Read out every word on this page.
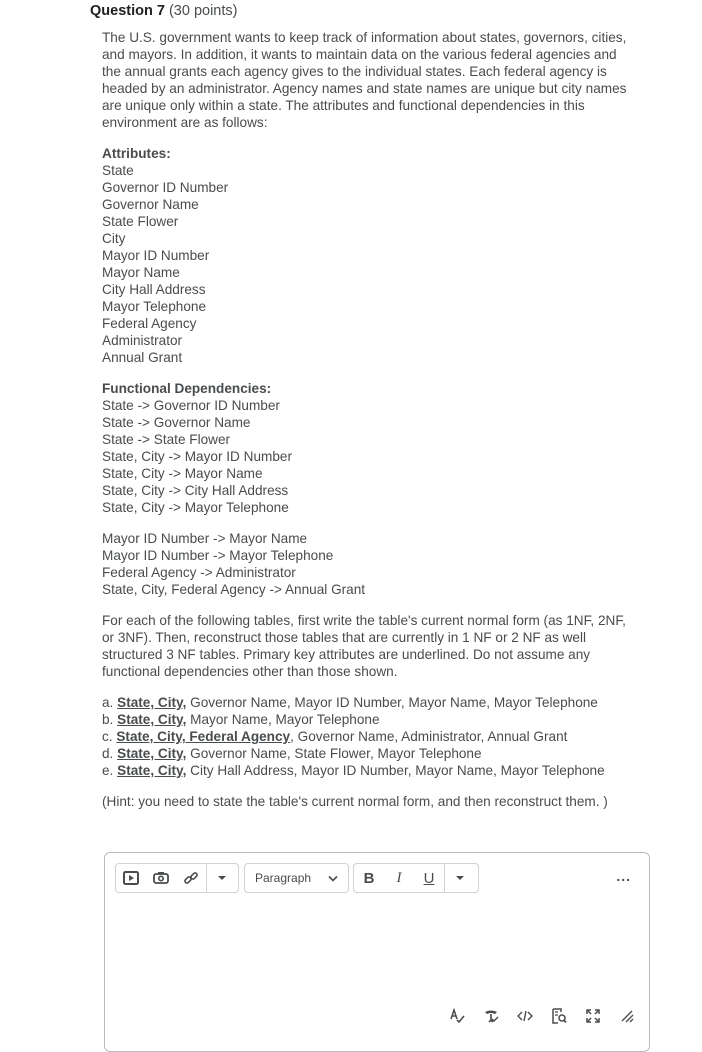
Question 7 (30 points)

The U.S. government wants to keep track of information about states, governors, cities, and mayors. In addition, it wants to maintain data on the various federal agencies and the annual grants each agency gives to the individual states. Each federal agency is headed by an administrator. Agency names and state names are unique but city names are unique only within a state. The attributes and functional dependencies in this environment are as follows:

Attributes:
State
Governor ID Number
Governor Name
State Flower
City
Mayor ID Number
Mayor Name
City Hall Address
Mayor Telephone
Federal Agency
Administrator
Annual Grant
Functional Dependencies:
State -> Governor ID Number
State -> Governor Name
State -> State Flower
State, City -> Mayor ID Number
State, City -> Mayor Name
State, City -> City Hall Address
State, City -> Mayor Telephone
Mayor ID Number -> Mayor Name
Mayor ID Number -> Mayor Telephone
Federal Agency -> Administrator
State, City, Federal Agency -> Annual Grant

For each of the following tables, first write the table's current normal form (as 1NF, 2NF, or 3NF). Then, reconstruct those tables that are currently in 1 NF or 2 NF as well structured 3 NF tables. Primary key attributes are underlined. Do not assume any

functional dependencies other than those shown.

a. State, City, Governor Name, Mayor ID Number, Mayor Name, Mayor Telephone
b. State, City, Mayor Name, Mayor Telephone
c. State, City, Federal Agency, Governor Name, Administrator, Annual Grant
d. State, City, Governor Name, State Flower, Mayor Telephone
e. State, City, City Hall Address, Mayor ID Number, Mayor Name, Mayor Telephone

(Hint: you need to state the table's current normal form, and then reconstruct them. )

Paragraph	B	I	U	...
